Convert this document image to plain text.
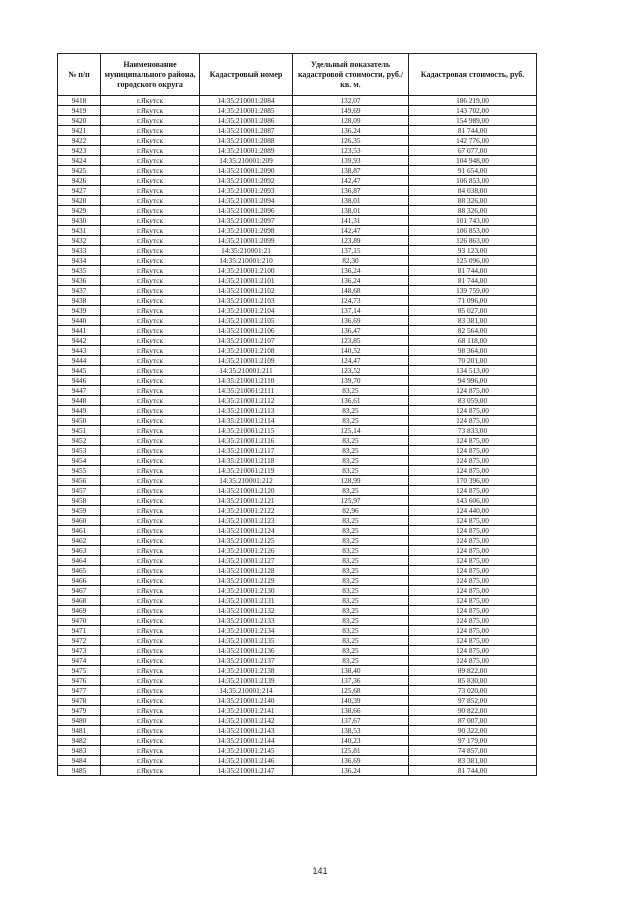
№ п/п	Наименование муниципального района, городского округа	Кадастровый номер	Удельный показатель кадастровой стоимости, руб./кв. м.	Кадастровая стоимость, руб.

9418	г.Якутск	14:35:210001:2084	132,07	186 219,00
9419	г.Якутск	14:35:210001:2085	149,69	143 702,00
9420	г.Якутск	14:35:210001:2086	128,09	154 989,00
9421	г.Якутск	14:35:210001:2087	136,24	81 744,00
9422	г.Якутск	14:35:210001:2088	126,35	142 776,00
9423	г.Якутск	14:35:210001:2089	123,53	67 077,00
9424	г.Якутск	14:35:210001:209	139,93	104 948,00
9425	г.Якутск	14:35:210001:2090	138,87	91 654,00
9426	г.Якутск	14:35:210001:2092	142,47	106 853,00
9427	г.Якутск	14:35:210001:2093	136,87	84 038,00
9428	г.Якутск	14:35:210001:2094	138,01	88 326,00
9429	г.Якутск	14:35:210001:2096	138,01	88 326,00
9430	г.Якутск	14:35:210001:2097	141,31	101 743,00
9431	г.Якутск	14:35:210001:2098	142,47	106 853,00
9432	г.Якутск	14:35:210001:2099	123,89	126 863,00
9433	г.Якутск	14:35:210001:21	137,15	93 123,00
9434	г.Якутск	14:35:210001:210	82,30	125 096,00
9435	г.Якутск	14:35:210001:2100	136,24	81 744,00
9436	г.Якутск	14:35:210001:2101	136,24	81 744,00
9437	г.Якутск	14:35:210001:2102	148,68	139 759,00
9438	г.Якутск	14:35:210001:2103	124,73	71 096,00
9439	г.Якутск	14:35:210001:2104	137,14	85 027,00
9440	г.Якутск	14:35:210001:2105	136,69	83 381,00
9441	г.Якутск	14:35:210001:2106	136,47	82 564,00
9442	г.Якутск	14:35:210001:2107	123,85	68 118,00
9443	г.Якутск	14:35:210001:2108	140,52	98 364,00
9444	г.Якутск	14:35:210001:2109	124,47	70 201,00
9445	г.Якутск	14:35:210001:211	123,52	134 513,00
9446	г.Якутск	14:35:210001:2110	139,70	94 996,00
9447	г.Якутск	14:35:210001:2111	83,25	124 875,00
9448	г.Якутск	14:35:210001:2112	136,61	83 059,00
9449	г.Якутск	14:35:210001:2113	83,25	124 875,00
9450	г.Якутск	14:35:210001:2114	83,25	124 875,00
9451	г.Якутск	14:35:210001:2115	125,14	73 833,00
9452	г.Якутск	14:35:210001:2116	83,25	124 875,00
9453	г.Якутск	14:35:210001:2117	83,25	124 875,00
9454	г.Якутск	14:35:210001:2118	83,25	124 875,00
9455	г.Якутск	14:35:210001:2119	83,25	124 875,00
9456	г.Якутск	14:35:210001:212	128,99	170 396,00
9457	г.Якутск	14:35:210001:2120	83,25	124 875,00
9458	г.Якутск	14:35:210001:2121	125,97	143 606,00
9459	г.Якутск	14:35:210001:2122	82,96	124 440,00
9460	г.Якутск	14:35:210001:2123	83,25	124 875,00
9461	г.Якутск	14:35:210001:2124	83,25	124 875,00
9462	г.Якутск	14:35:210001:2125	83,25	124 875,00
9463	г.Якутск	14:35:210001:2126	83,25	124 875,00
9464	г.Якутск	14:35:210001:2127	83,25	124 875,00
9465	г.Якутск	14:35:210001:2128	83,25	124 875,00
9466	г.Якутск	14:35:210001:2129	83,25	124 875,00
9467	г.Якутск	14:35:210001:2130	83,25	124 875,00
9468	г.Якутск	14:35:210001:2131	83,25	124 875,00
9469	г.Якутск	14:35:210001:2132	83,25	124 875,00
9470	г.Якутск	14:35:210001:2133	83,25	124 875,00
9471	г.Якутск	14:35:210001:2134	83,25	124 875,00
9472	г.Якутск	14:35:210001:2135	83,25	124 875,00
9473	г.Якутск	14:35:210001:2136	83,25	124 875,00
9474	г.Якутск	14:35:210001:2137	83,25	124 875,00
9475	г.Якутск	14:35:210001:2138	138,40	89 822,00
9476	г.Якутск	14:35:210001:2139	137,36	85 830,00
9477	г.Якутск	14:35:210001:214	125,68	73 020,00
9478	г.Якутск	14:35:210001:2140	140,39	97 852,00
9479	г.Якутск	14:35:210001:2141	138,66	90 822,00
9480	г.Якутск	14:35:210001:2142	137,67	87 007,00
9481	г.Якутск	14:35:210001:2143	138,53	90 322,00
9482	г.Якутск	14:35:210001:2144	140,23	97 179,00
9483	г.Якутск	14:35:210001:2145	125,81	74 857,00
9484	г.Якутск	14:35:210001:2146	136,69	83 381,00
9485	г.Якутск	14:35:210001:2147	136,24	81 744,00
141
